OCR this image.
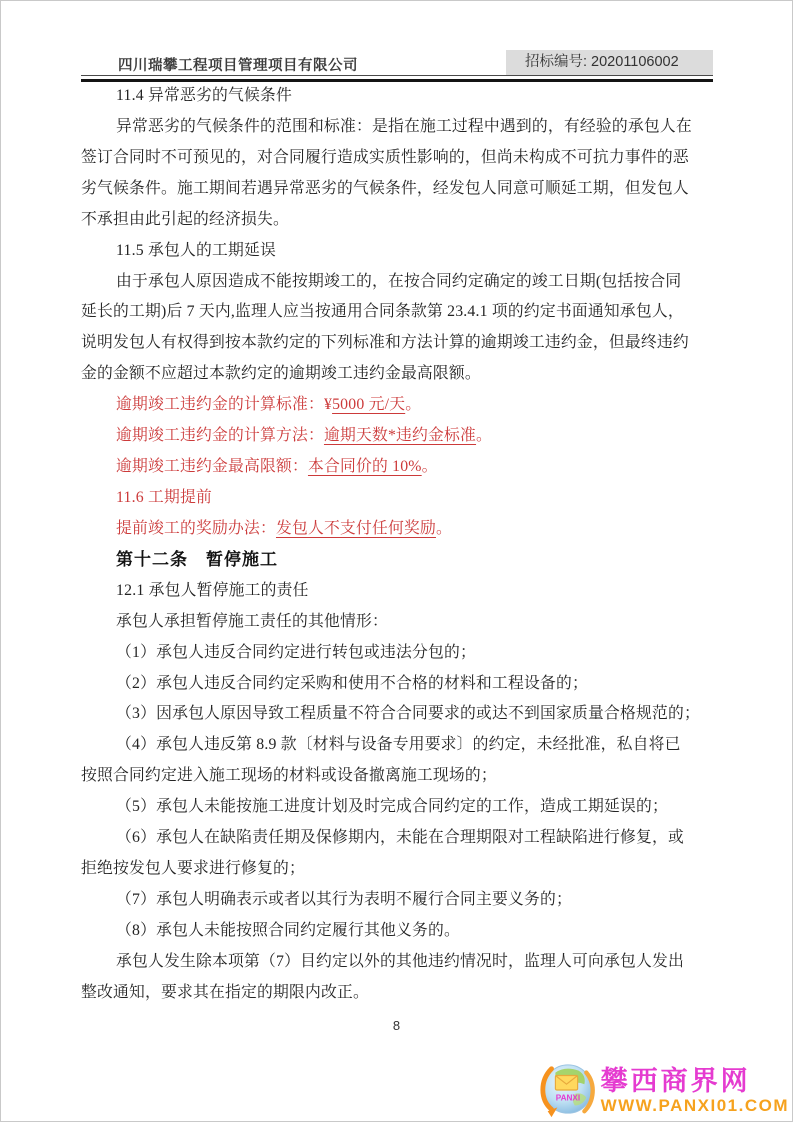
四川瑞攀工程项目管理项目有限公司	招标编号: 20201106002
11.4 异常恶劣的气候条件
异常恶劣的气候条件的范围和标准：是指在施工过程中遇到的，有经验的承包人在
签订合同时不可预见的，对合同履行造成实质性影响的，但尚未构成不可抗力事件的恶
劣气候条件。施工期间若遇异常恶劣的气候条件，经发包人同意可顺延工期，但发包人
不承担由此引起的经济损失。
11.5 承包人的工期延误
由于承包人原因造成不能按期竣工的，在按合同约定确定的竣工日期(包括按合同
延长的工期)后 7 天内,监理人应当按通用合同条款第 23.4.1 项的约定书面通知承包人，
说明发包人有权得到按本款约定的下列标准和方法计算的逾期竣工违约金，但最终违约
金的金额不应超过本款约定的逾期竣工违约金最高限额。
逾期竣工违约金的计算标准：¥5000 元/天。
逾期竣工违约金的计算方法：逾期天数*违约金标准。
逾期竣工违约金最高限额：本合同价的 10%。
11.6 工期提前
提前竣工的奖励办法：发包人不支付任何奖励。
第十二条　暂停施工
12.1 承包人暂停施工的责任
承包人承担暂停施工责任的其他情形：
（1）承包人违反合同约定进行转包或违法分包的；
（2）承包人违反合同约定采购和使用不合格的材料和工程设备的；
（3）因承包人原因导致工程质量不符合合同要求的或达不到国家质量合格规范的；
（4）承包人违反第 8.9 款〔材料与设备专用要求〕的约定，未经批准，私自将已
按照合同约定进入施工现场的材料或设备撤离施工现场的；
（5）承包人未能按施工进度计划及时完成合同约定的工作，造成工期延误的；
（6）承包人在缺陷责任期及保修期内，未能在合理期限对工程缺陷进行修复，或
拒绝按发包人要求进行修复的；
（7）承包人明确表示或者以其行为表明不履行合同主要义务的；
（8）承包人未能按照合同约定履行其他义务的。
承包人发生除本项第（7）目约定以外的其他违约情况时，监理人可向承包人发出
整改通知，要求其在指定的期限内改正。
8
PANXI
攀西商界网
WWW.PANXI01.COM
